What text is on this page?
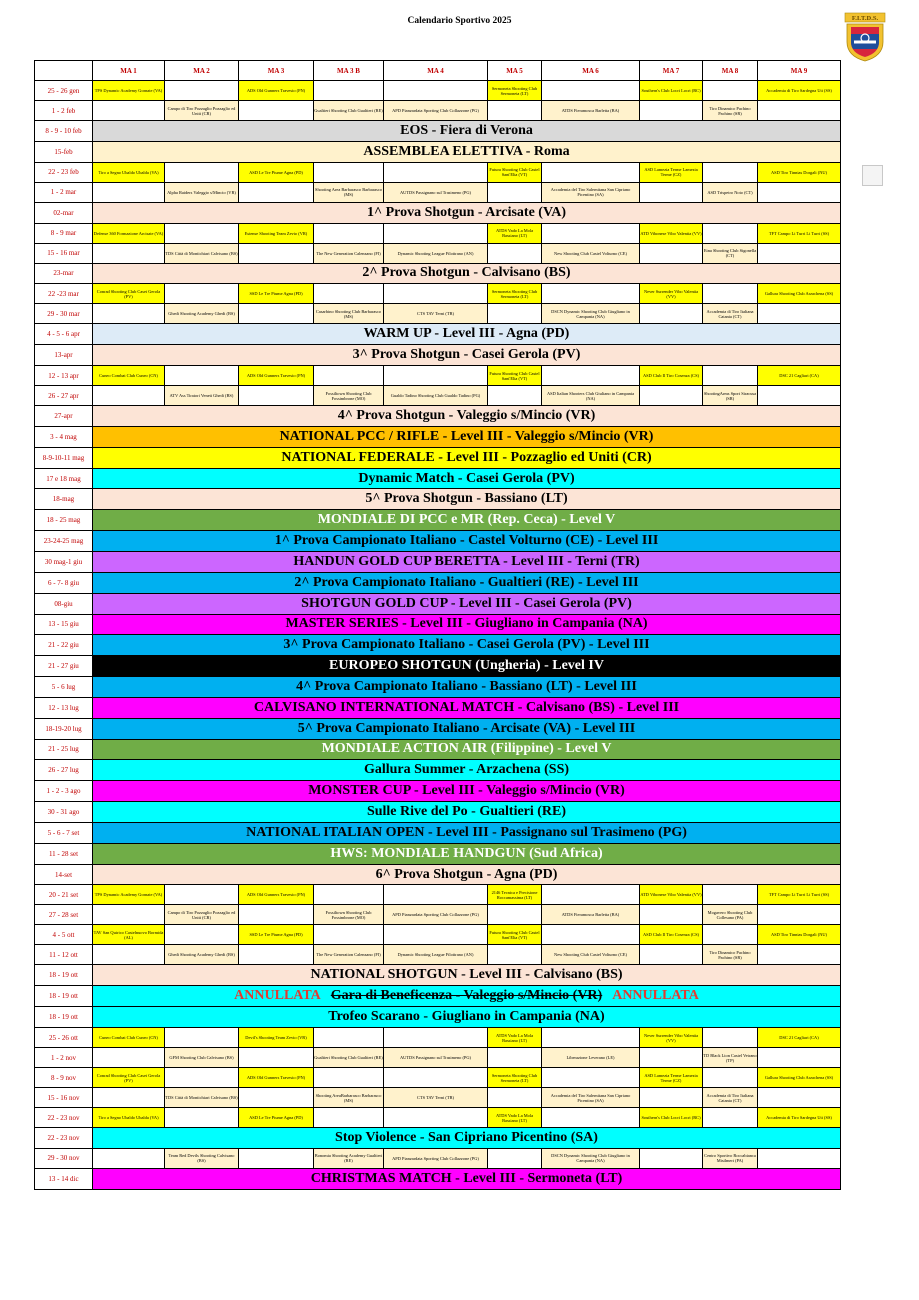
Calendario Sportivo 2025	F.I.T.D.S.
	MA 1	MA 2	MA 3	MA 3 B	MA 4	MA 5	MA 6	MA 7	MA 8	MA 9
25 - 26 gen	TPS Dynamic Academy Gornate (VA)		ADS Old Gunners Travesio (PN)			Sermoneta Shooting Club Sermoneta (LT)		Southern's Club Locri Locri (RC)		Accademia di Tiro Sardegna Uti (SS)

1 - 2 feb		Campo di Tiro Pozzaglio Pozzaglio ed Uniti (CR)		Gualtieri Shooting Club Gualtieri (RE)	APD Pianzardata Sporting Club Collazzone (PG)		ATDS Fieramosca Barletta (BA)		Tiro Dinamico Pachino Pachino (SR)	

8 - 9 - 10 feb	EOS - Fiera di Verona									
15-feb	ASSEMBLEA ELETTIVA - Roma									
22 - 23 feb	Tiro a Segno Ubaldo Ubalda (VA)		ASD Le Tre Piume Agna (PD)			Futura Shooting Club Castel Sant'Elia (VT)		ASD Lamezia Terme Lamezia Terme (CZ)		ASD Tiro Tinnias Dorgali (NU)

1 - 2 mar		Alpha Raiders Valeggio s/Mincio (VR)		Shooting Area Barbarasco Barbarasco (MS)	AUTDS Passignano sul Trasimeno (PG)		Accademia del Tiro Salernitana San Cipriano Picentino (SA)		ASD Trispetro Noto (CT)	

02-mar	1^ Prova Shotgun - Arcisate (VA)									
8 - 9 mar	Defense 360 Formazione Arcisate (VA)		Estense Shooting Team Zevio (VR)			ATDS Vado La Mola Bassiano (LT)		ATD Vibonese Vibo Valentia (VV)		TFT Campo Li Turri Li Turri (SS)

15 - 16 mar		TDS Città di Montichiari Calvisano (BS)		The New Generation Calenzano (FI)	Dynamic Shooting League Filottrano (AN)		New Shooting Club Castel Volturno (CE)		Etna Shooting Club Sigonella (CT)	

23-mar	2^ Prova Shotgun - Calvisano (BS)									
22 -23 mar	Conrad Shooting Club Casei Gerola (PV)		SSD Le Tre Piume Agna (PD)			Sermoneta Shooting Club Sermoneta (LT)		Never Surrender Vibo Valentia (VV)		Gallura Shooting Club Arzachena (SS)

29 - 30 mar		Ghedi Shooting Academy Ghedi (BS)		Casarbino Shooting Club Barbarasco (MS)	CTS TAV Terni (TR)		DSCN Dynamic Shooting Club Giugliano in Campania (NA)		Accademia di Tiro Italiana Catania (CT)	

4 - 5 - 6 apr	WARM UP - Level III - Agna (PD)									
13-apr	3^ Prova Shotgun - Casei Gerola (PV)									
12 - 13 apr	Cuneo Combat Club Cuneo (CN)		ADS Old Gunners Travesio (PN)			Futura Shooting Club Castel Sant'Elia (VT)		ASD Club Il Tiro Cosenza (CS)		DSC 21 Cagliari (CA)

26 - 27 apr		ATV Ass Tiratori Veneti Ghedi (BS)		Fossiltown Shooting Club Fossimbrone (MO)	Gualdo Tadino Shooting Club Gualdo Tadino (PG)		ASD Italian Shooters Club Giuliano in Campania (NA)		ShootingArms Sport Siracusa (SR)	

27-apr	4^ Prova Shotgun - Valeggio s/Mincio (VR)									
3 - 4 mag	NATIONAL PCC / RIFLE - Level III - Valeggio s/Mincio (VR)									
8-9-10-11 mag	NATIONAL FEDERALE - Level III - Pozzaglio ed Uniti (CR)									
17 e 18 mag	Dynamic Match - Casei Gerola (PV)									
18-mag	5^ Prova Shotgun - Bassiano (LT)									
18 - 25 mag	MONDIALE DI PCC e MR (Rep. Ceca) - Level V									
23-24-25 mag	1^ Prova Campionato Italiano - Castel Volturno (CE) - Level III									
30 mag-1 giu	HANDUN GOLD CUP BERETTA - Level III - Terni (TR)									
6 - 7- 8 giu	2^ Prova Campionato Italiano - Gualtieri (RE) - Level III									
08-giu	SHOTGUN GOLD CUP - Level III - Casei Gerola (PV)									
13 - 15 giu	MASTER SERIES - Level III - Giugliano in Campania (NA)									
21 - 22 giu	3^ Prova Campionato Italiano - Casei Gerola (PV) - Level III									
21 - 27 giu	EUROPEO SHOTGUN (Ungheria) - Level IV									
5 - 6 lug	4^ Prova Campionato Italiano - Bassiano (LT) - Level III									
12 - 13 lug	CALVISANO INTERNATIONAL MATCH - Calvisano (BS) - Level III									
18-19-20 lug	5^ Prova Campionato Italiano - Arcisate (VA) - Level III									
21 - 25 lug	MONDIALE ACTION AIR (Filippine) - Level V									
26 - 27 lug	Gallura Summer - Arzachena (SS)									
1 - 2 - 3 ago	MONSTER CUP - Level III - Valeggio s/Mincio (VR)									
30 - 31 ago	Sulle Rive del Po - Gualtieri (RE)									
5 - 6 - 7 set	NATIONAL ITALIAN OPEN - Level III - Passignano sul Trasimeno (PG)									
11 - 28 set	HWS: MONDIALE HANDGUN (Sud Africa)									
14-set	6^ Prova Shotgun - Agna (PD)									
20 - 21 set	TPS Dynamic Academy Gornate (VA)		ADS Old Gunners Travesio (PN)			2146 Tecnica e Precisione Roccamassima (LT)		ATD Vibonese Vibo Valentia (VV)		TFT Campo Li Turri Li Turri (SS)

27 - 28 set		Campo di Tiro Pozzaglio Pozzaglio ed Uniti (CR)		Fossiltown Shooting Club Fossimbrone (MO)	APD Pianzardata Sporting Club Collazzone (PG)		ATDS Fieramosca Barletta (BA)		Mogavero Shooting Club Collesano (PA)	

4 - 5 ott	TAV San Quirico Castelnuovo Bormida (AL)		SSD Le Tre Piume Agna (PD)			Futura Shooting Club Castel Sant'Elia (VT)		ASD Club Il Tiro Cosenza (CS)		ASD Tiro Tinnias Dorgali (NU)

11 - 12 ott		Ghedi Shooting Academy Ghedi (BS)		The New Generation Calenzano (FI)	Dynamic Shooting League Filottrano (AN)		New Shooting Club Castel Volturno (CE)		Tiro Dinamico Pachino Pachino (SR)	

18 - 19 ott	NATIONAL SHOTGUN - Level III - Calvisano (BS)									
18 - 19 ott	ANNULLATA Gara di Beneficenza - Valeggio s/Mincio (VR) ANNULLATA									
18 - 19 ott	Trofeo Scarano - Giugliano in Campania (NA)									
25 - 26 ott	Cuneo Combat Club Cuneo (CN)		Devil's Shooting Team Zevio (VR)			ATDS Vado La Mola Bassiano (LT)		Never Surrender Vibo Valentia (VV)		DSC 21 Cagliari (CA)

1 - 2 nov		GFM Shooting Club Calvisano (BS)		Gualtieri Shooting Club Gualtieri (RE)	AUTDS Passignano sul Trasimeno (PG)		Liberazione Leverano (LE)		TD Black Lion Castel Vetrano (TP)	

8 - 9 nov	Conrad Shooting Club Casei Gerola (PV)		ADS Old Gunners Travesio (PN)			Sermoneta Shooting Club Sermoneta (LT)		ASD Lamezia Terme Lamezia Terme (CZ)		Gallura Shooting Club Arzachena (SS)

15 - 16 nov		TDS Città di Montichiari Calvisano (BS)		Shooting AreaBarbarasco Barbarasco (MS)	CTS TAV Terni (TR)		Accademia del Tiro Salernitana San Cipriano Picentino (SA)		Accademia di Tiro Italiana Catania (CT)	

22 - 23 nov	Tiro a Segno Ubaldo Ubalda (VA)		ASD Le Tre Piume Agna (PD)			ATDS Vado La Mola Bassiano (LT)		Southern's Club Locri Locri (RC)		Accademia di Tiro Sardegna Uti (SS)

22 - 23 nov	Stop Violence - San Cipriano Picentino (SA)									
29 - 30 nov		Team Red Devils Shooting Calvisano (BS)		Bonomia Shooting Academy Gualtieri (RE)	APD Pianzardata Sporting Club Collazzone (PG)		DSCN Dynamic Shooting Club Giugliano in Campania (NA)		Centro Sportivo Roccabianca Misilmeri (PA)	

13 - 14 dic	CHRISTMAS MATCH - Level III - Sermoneta (LT)									
